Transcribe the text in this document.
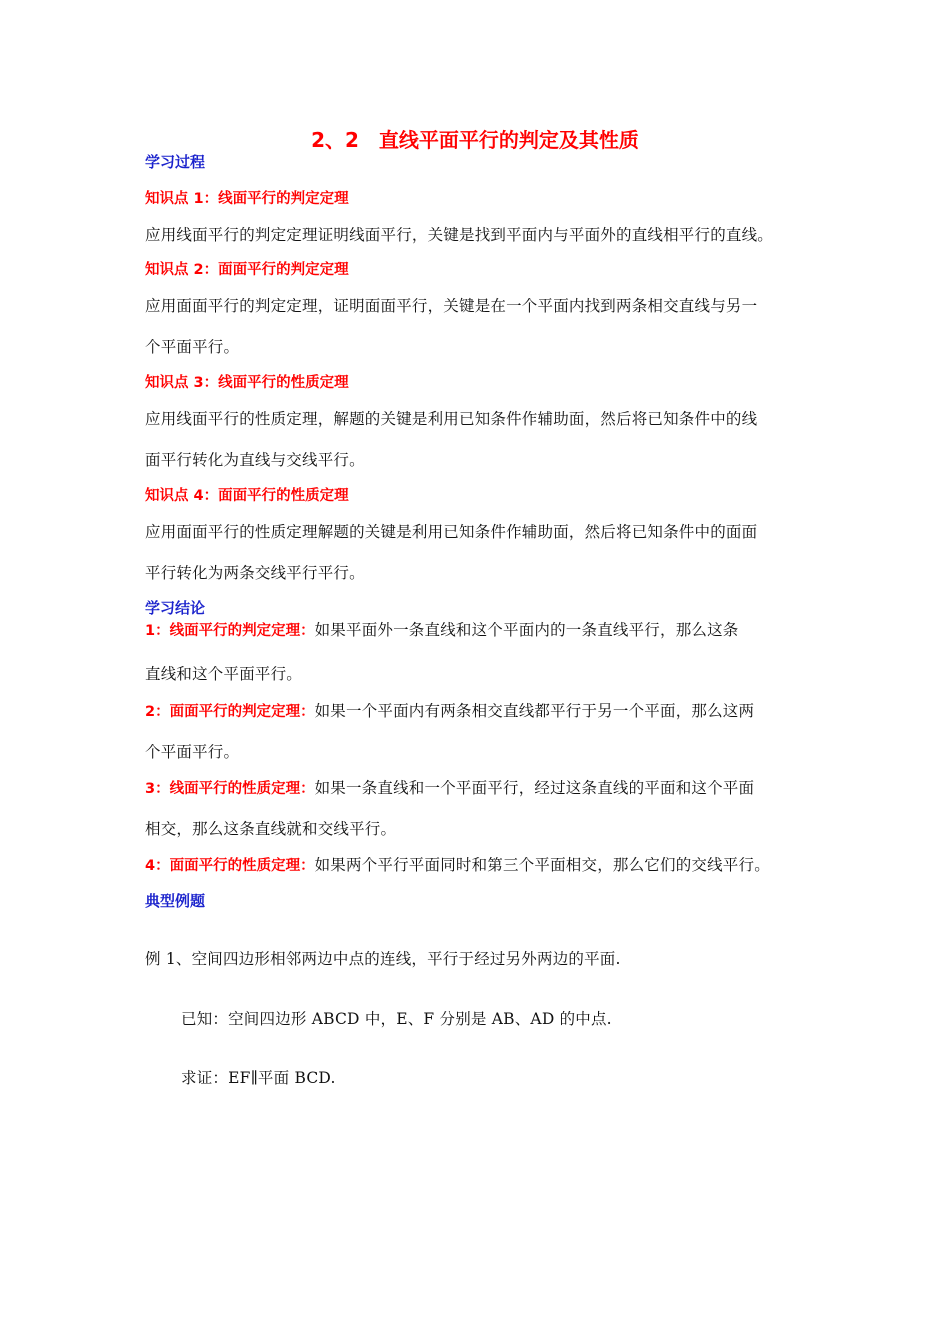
2、2　直线平面平行的判定及其性质
学习过程
知识点 1：线面平行的判定定理
应用线面平行的判定定理证明线面平行，关键是找到平面内与平面外的直线相平行的直线。
知识点 2：面面平行的判定定理
应用面面平行的判定定理，证明面面平行，关键是在一个平面内找到两条相交直线与另一
个平面平行。
知识点 3：线面平行的性质定理
应用线面平行的性质定理，解题的关键是利用已知条件作辅助面，然后将已知条件中的线
面平行转化为直线与交线平行。
知识点 4：面面平行的性质定理
应用面面平行的性质定理解题的关键是利用已知条件作辅助面，然后将已知条件中的面面
平行转化为两条交线平行平行。
学习结论
1：线面平行的判定定理：如果平面外一条直线和这个平面内的一条直线平行，那么这条
直线和这个平面平行。
2：面面平行的判定定理：如果一个平面内有两条相交直线都平行于另一个平面，那么这两
个平面平行。
3：线面平行的性质定理：如果一条直线和一个平面平行，经过这条直线的平面和这个平面
相交，那么这条直线就和交线平行。
4：面面平行的性质定理：如果两个平行平面同时和第三个平面相交，那么它们的交线平行。
典型例题
例 1、空间四边形相邻两边中点的连线，平行于经过另外两边的平面.
已知：空间四边形 ABCD 中，E、F 分别是 AB、AD 的中点.
求证：EF∥平面 BCD.
